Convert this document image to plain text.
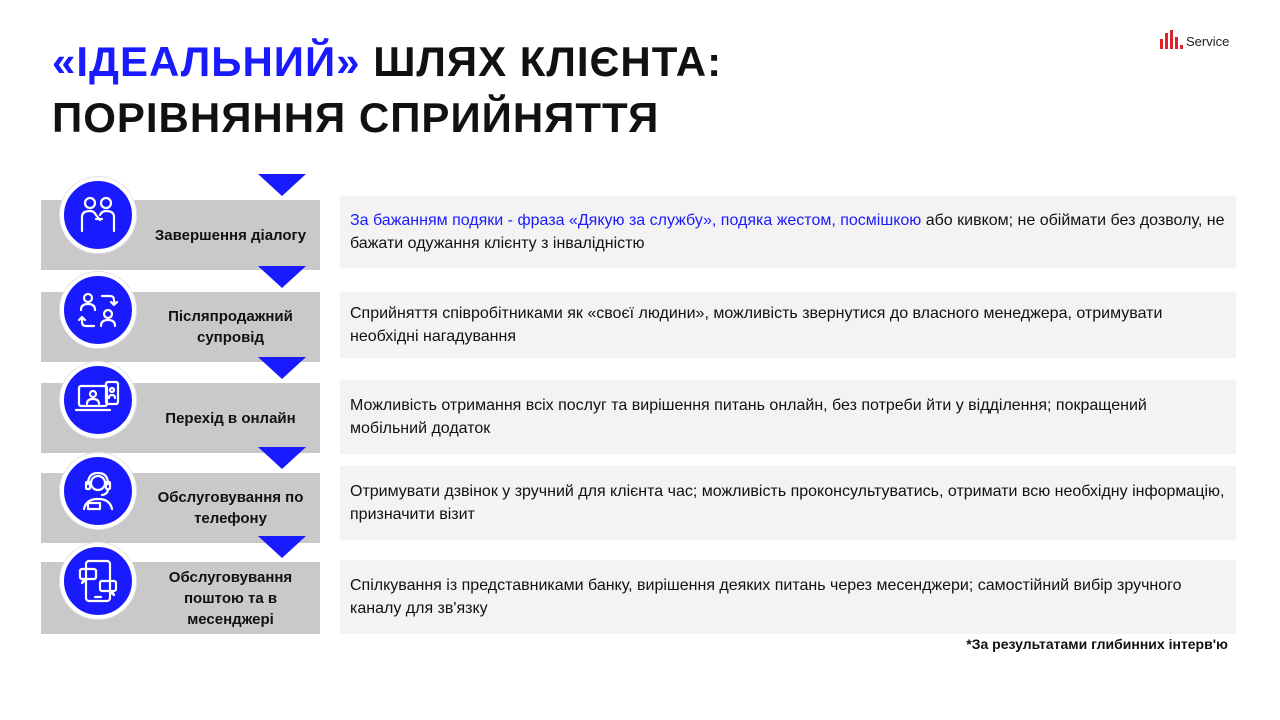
«ІДЕАЛЬНИЙ» ШЛЯХ КЛІЄНТА:
ПОРІВНЯННЯ СПРИЙНЯТТЯ
Service
Завершення діалогу
За бажанням подяки - фраза «Дякую за службу», подяка жестом, посмішкою або кивком; не обіймати без дозволу, не бажати одужання клієнту з інвалідністю
Післяпродажний супровід
Сприйняття співробітниками як «своєї людини», можливість звернутися до власного менеджера, отримувати необхідні нагадування
Перехід в онлайн
Можливість отримання всіх послуг та вирішення питань онлайн, без потреби йти у відділення; покращений мобільний додаток
Обслуговування по телефону
Отримувати дзвінок у зручний для клієнта час; можливість проконсультуватись, отримати всю необхідну інформацію, призначити візит
Обслуговування поштою та в месенджері
Спілкування із представниками банку, вирішення деяких питань через месенджери; самостійний вибір зручного каналу для зв'язку
*За результатами глибинних інтерв'ю
